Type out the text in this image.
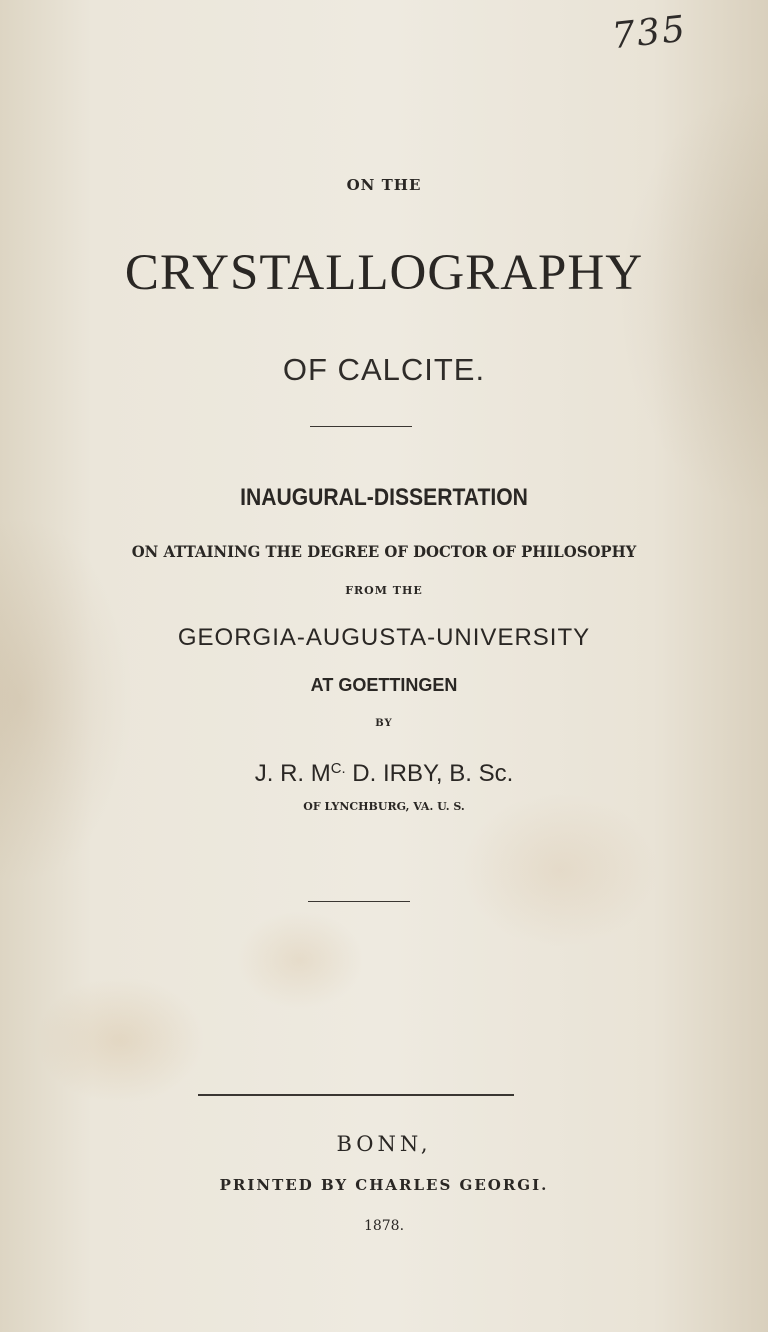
735
ON THE
CRYSTALLOGRAPHY
OF CALCITE.
INAUGURAL-DISSERTATION
ON ATTAINING THE DEGREE OF DOCTOR OF PHILOSOPHY
FROM THE
GEORGIA-AUGUSTA-UNIVERSITY
AT GOETTINGEN
BY
J. R. $M^{C.}$ D. IRBY, B. Sc.
OF LYNCHBURG, VA. U. S.
BONN,
PRINTED BY CHARLES GEORGI.
1878.
